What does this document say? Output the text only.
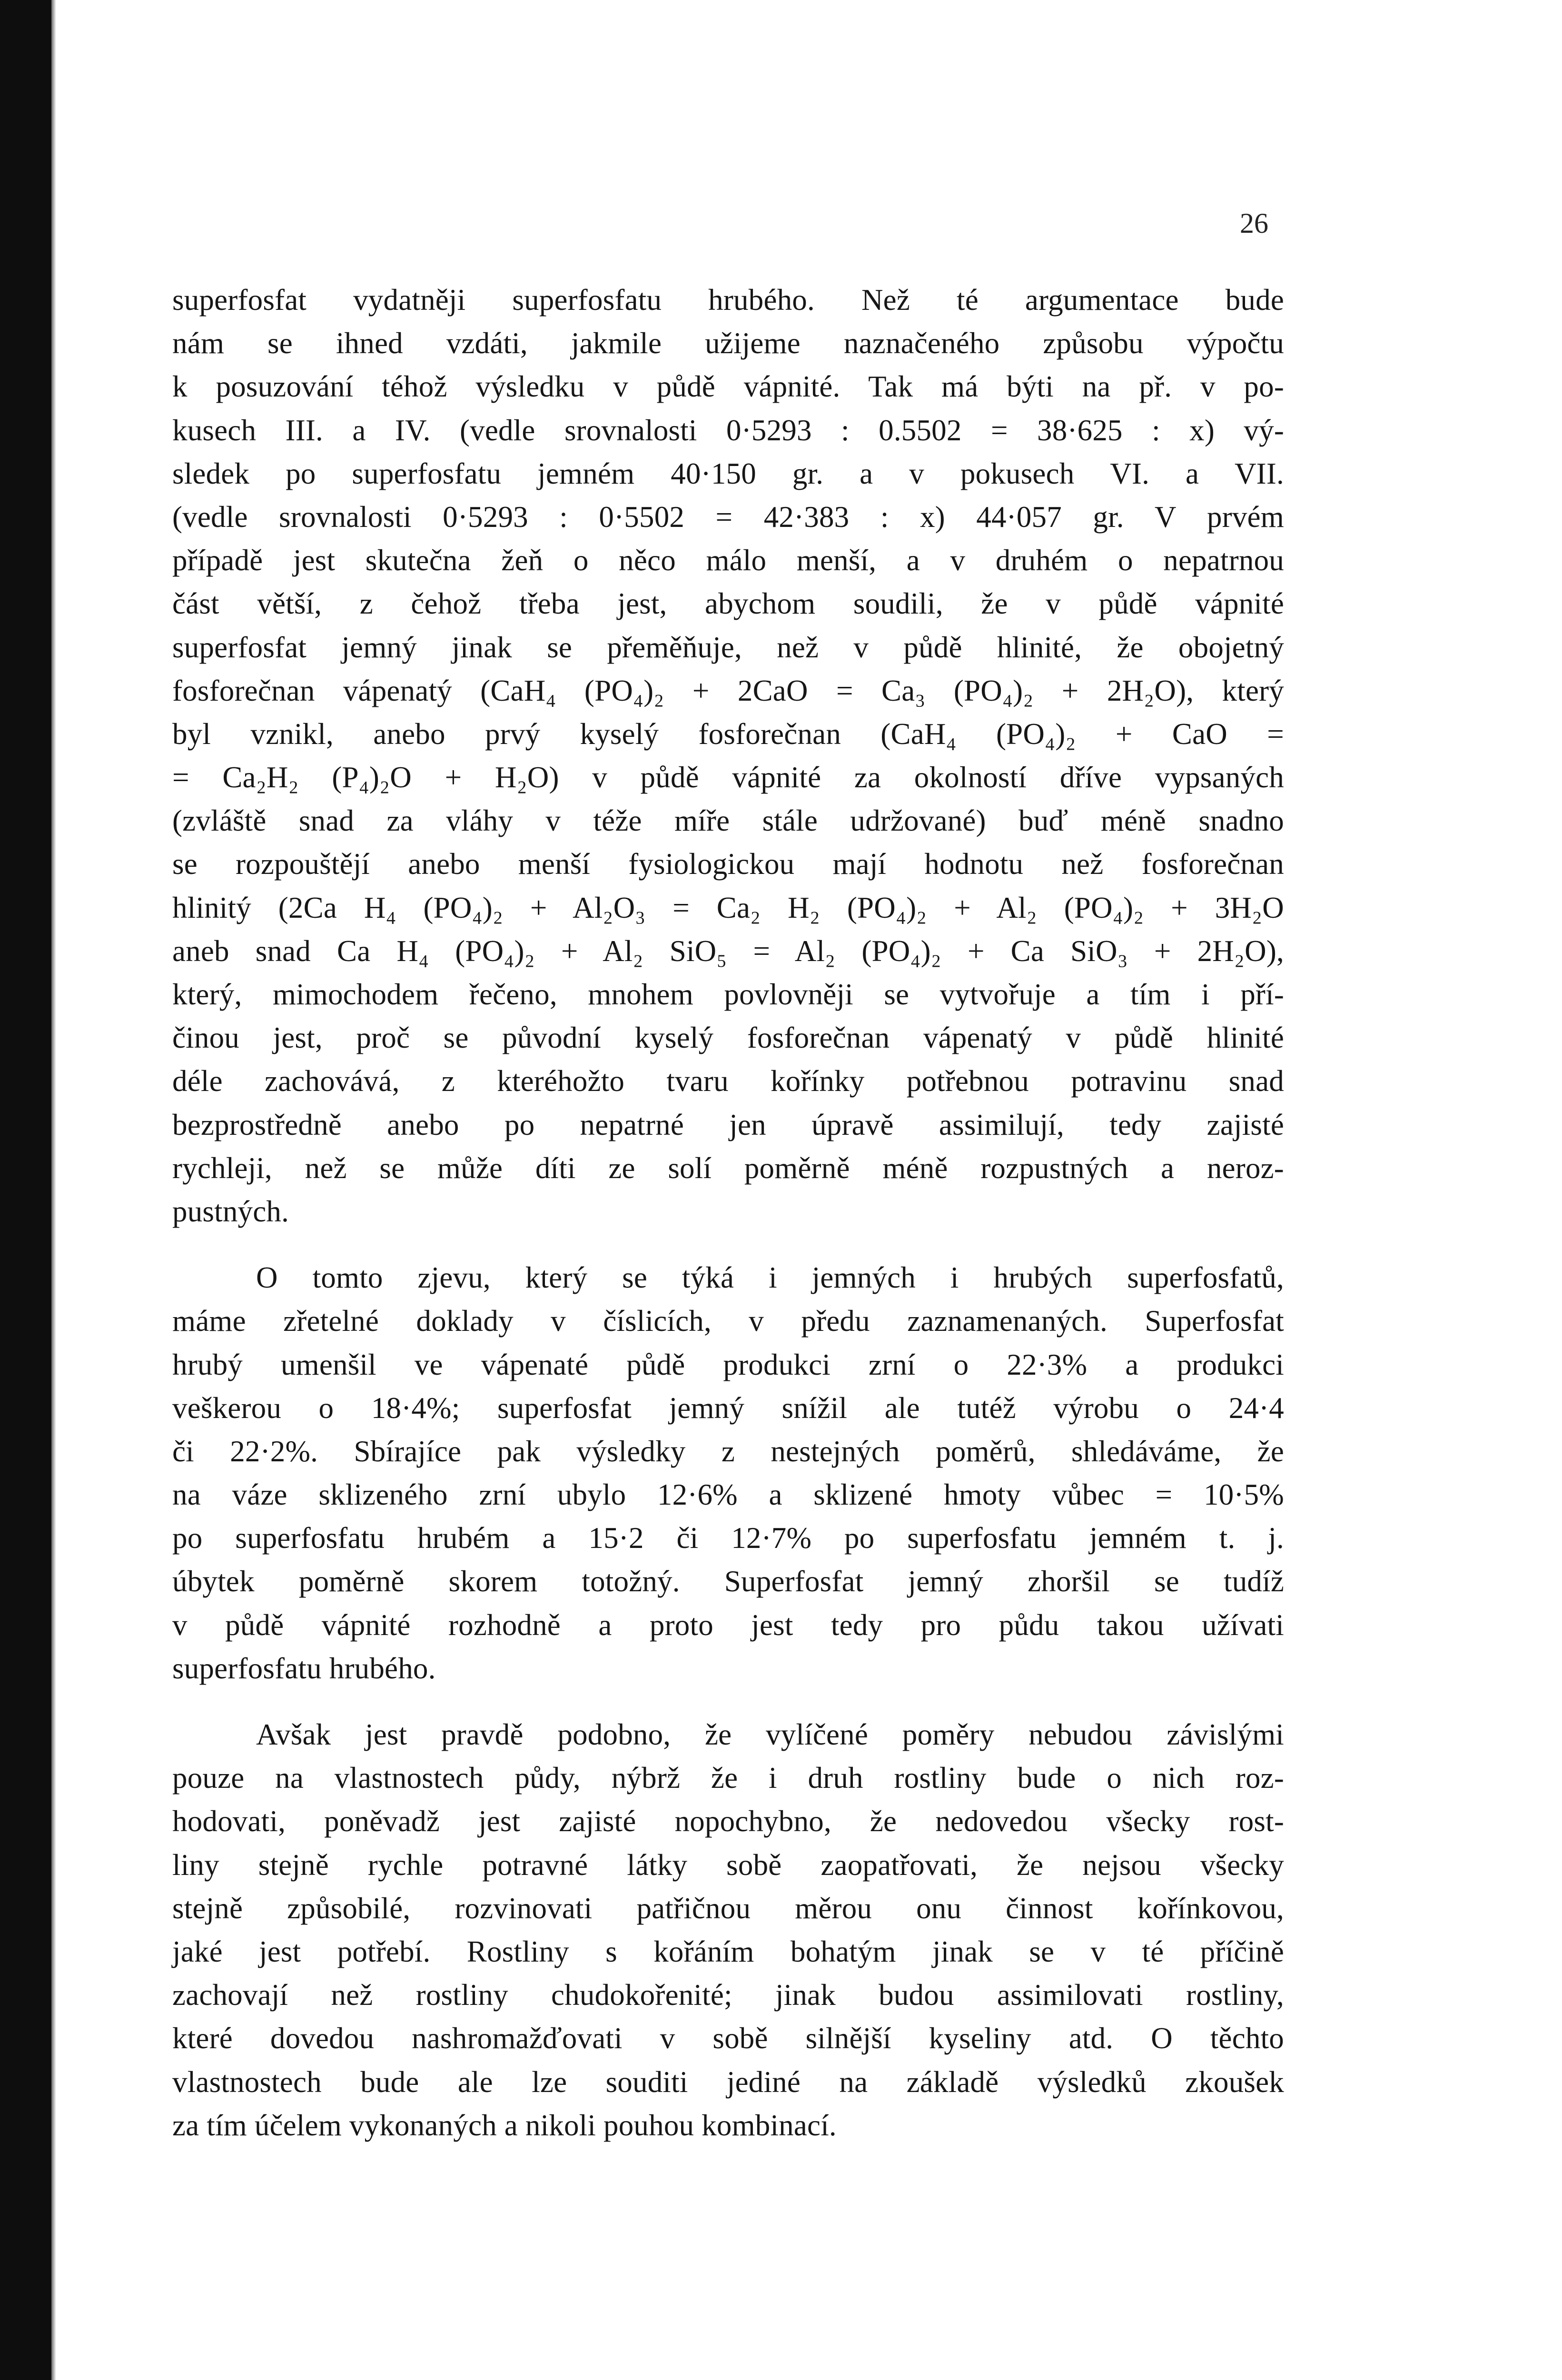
26
superfosfat vydatněji superfosfatu hrubého. Než té argumentace bude
nám se ihned vzdáti, jakmile užijeme naznačeného způsobu výpočtu
k posuzování téhož výsledku v půdě vápnité. Tak má býti na př. v po-
kusech III. a IV. (vedle srovnalosti 0·5293 : 0.5502 = 38·625 : x) vý-
sledek po superfosfatu jemném 40·150 gr. a v pokusech VI. a VII.
(vedle srovnalosti 0·5293 : 0·5502 = 42·383 : x) 44·057 gr. V prvém
případě jest skutečna žeň o něco málo menší, a v druhém o nepatrnou
část větší, z čehož třeba jest, abychom soudili, že v půdě vápnité
superfosfat jemný jinak se přeměňuje, než v půdě hlinité, že obojetný
fosforečnan vápenatý (CaH₄ (PO₄)₂ + 2CaO = Ca₃ (PO₄)₂ + 2H₂O), který
byl vznikl, anebo prvý kyselý fosforečnan (CaH₄ (PO₄)₂ + CaO =
= Ca₂H₂ (P₄)₂O + H₂O) v půdě vápnité za okolností dříve vypsaných
(zvláště snad za vláhy v téže míře stále udržované) buď méně snadno
se rozpouštějí anebo menší fysiologickou mají hodnotu než fosforečnan
hlinitý (2Ca H₄ (PO₄)₂ + Al₂O₃ = Ca₂ H₂ (PO₄)₂ + Al₂ (PO₄)₂ + 3H₂O
aneb snad Ca H₄ (PO₄)₂ + Al₂ SiO₅ = Al₂ (PO₄)₂ + Ca SiO₃ + 2H₂O),
který, mimochodem řečeno, mnohem povlovněji se vytvořuje a tím i pří-
činou jest, proč se původní kyselý fosforečnan vápenatý v půdě hlinité
déle zachovává, z kteréhožto tvaru kořínky potřebnou potravinu snad
bezprostředně anebo po nepatrné jen úpravě assimilují, tedy zajisté
rychleji, než se může díti ze solí poměrně méně rozpustných a neroz-
pustných.
O tomto zjevu, který se týká i jemných i hrubých superfosfatů,
máme zřetelné doklady v číslicích, v předu zaznamenaných. Superfosfat
hrubý umenšil ve vápenaté půdě produkci zrní o 22·3% a produkci
veškerou o 18·4%; superfosfat jemný snížil ale tutéž výrobu o 24·4
či 22·2%. Sbírajíce pak výsledky z nestejných poměrů, shledáváme, že
na váze sklizeného zrní ubylo 12·6% a sklizené hmoty vůbec = 10·5%
po superfosfatu hrubém a 15·2 či 12·7% po superfosfatu jemném t. j.
úbytek poměrně skorem totožný. Superfosfat jemný zhoršil se tudíž
v půdě vápnité rozhodně a proto jest tedy pro půdu takou užívati
superfosfatu hrubého.
Avšak jest pravdě podobno, že vylíčené poměry nebudou závislými
pouze na vlastnostech půdy, nýbrž že i druh rostliny bude o nich roz-
hodovati, poněvadž jest zajisté nopochybno, že nedovedou všecky rost-
liny stejně rychle potravné látky sobě zaopatřovati, že nejsou všecky
stejně způsobilé, rozvinovati patřičnou měrou onu činnost kořínkovou,
jaké jest potřebí. Rostliny s kořáním bohatým jinak se v té příčině
zachovají než rostliny chudokořenité; jinak budou assimilovati rostliny,
které dovedou nashromažďovati v sobě silnější kyseliny atd. O těchto
vlastnostech bude ale lze souditi jediné na základě výsledků zkoušek
za tím účelem vykonaných a nikoli pouhou kombinací.
